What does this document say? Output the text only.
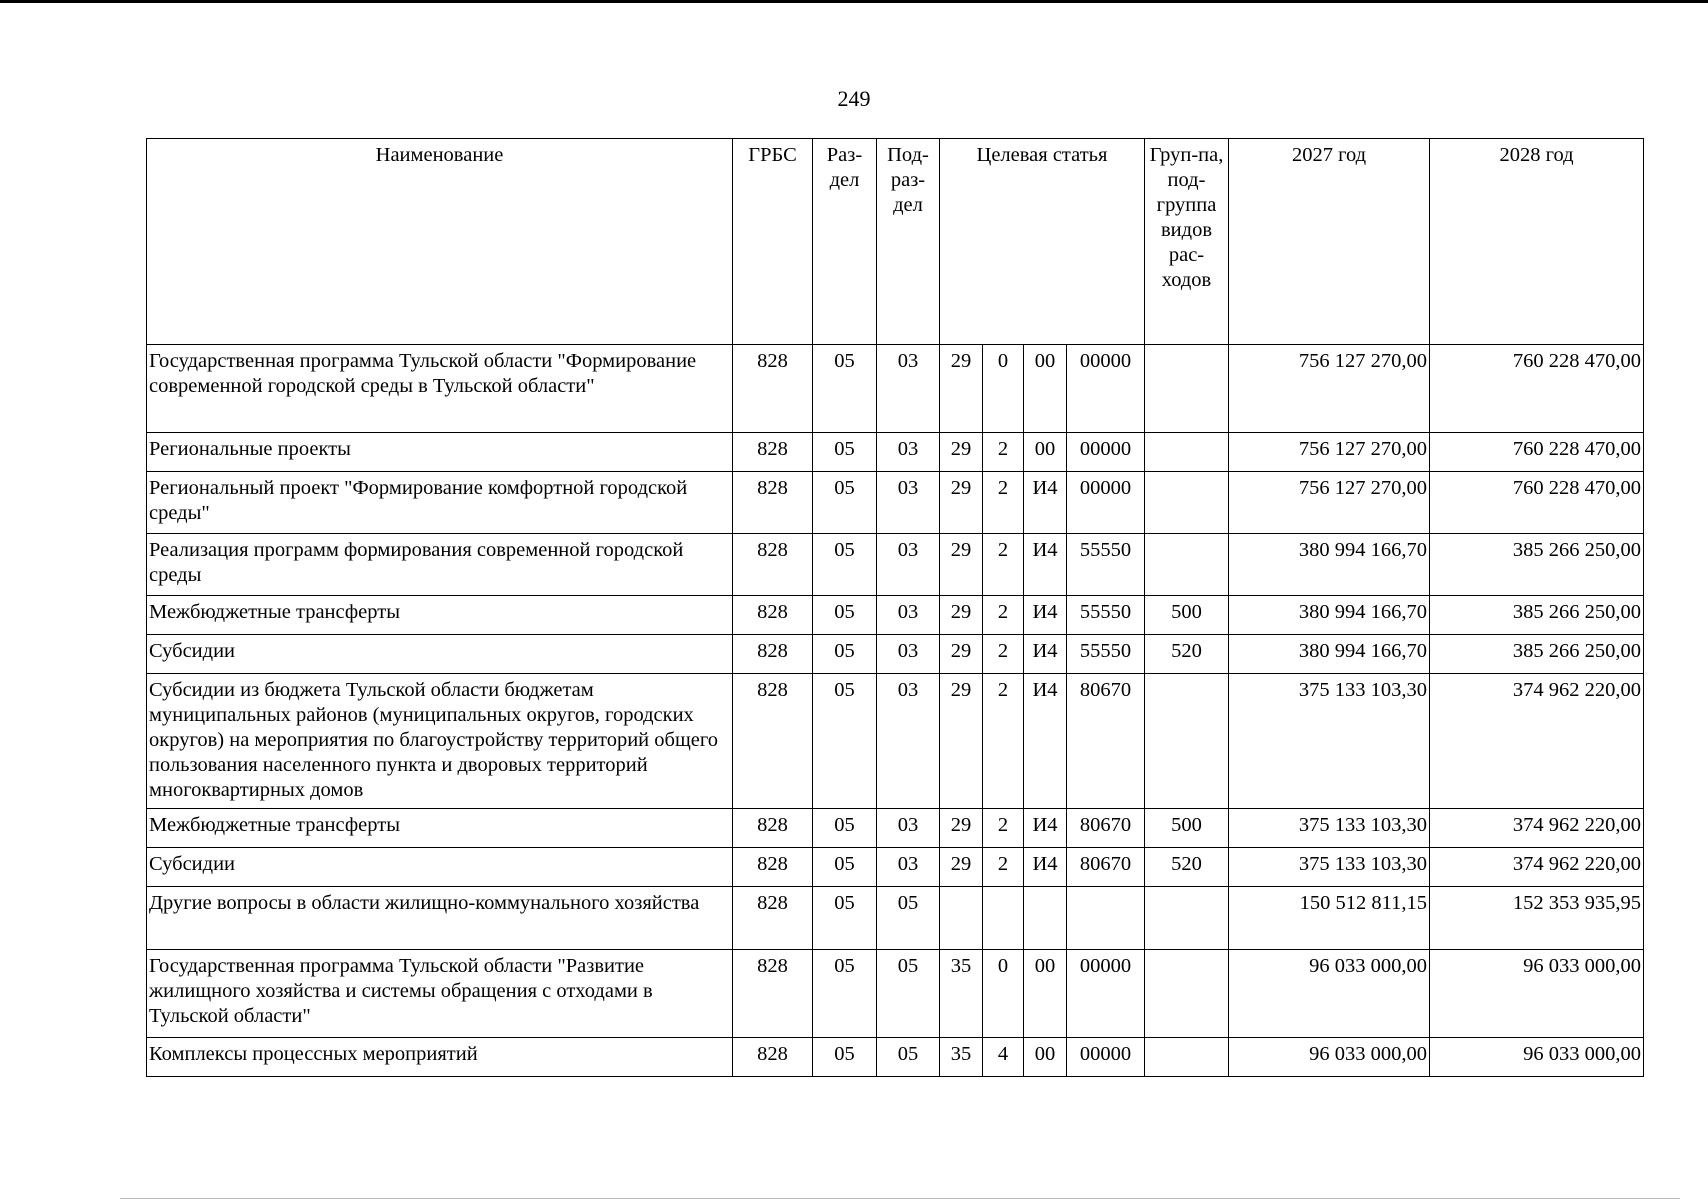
249
Наименование	ГРБС	Раз-дел	Под-раз-дел	Целевая статья				Груп-па, под-группа видов рас-ходов	2027 год	2028 год
Государственная программа Тульской области "Формирование современной городской среды в Тульской области"	828	05	03	29	0	00	00000		756 127 270,00	760 228 470,00
Региональные проекты	828	05	03	29	2	00	00000		756 127 270,00	760 228 470,00
Региональный проект "Формирование комфортной городской среды"	828	05	03	29	2	И4	00000		756 127 270,00	760 228 470,00
Реализация программ формирования современной городской среды	828	05	03	29	2	И4	55550		380 994 166,70	385 266 250,00
Межбюджетные трансферты	828	05	03	29	2	И4	55550	500	380 994 166,70	385 266 250,00
Субсидии	828	05	03	29	2	И4	55550	520	380 994 166,70	385 266 250,00
Субсидии из бюджета Тульской области бюджетам муниципальных районов (муниципальных округов, городских округов) на мероприятия по благоустройству территорий общего пользования населенного пункта и дворовых территорий многоквартирных домов	828	05	03	29	2	И4	80670		375 133 103,30	374 962 220,00
Межбюджетные трансферты	828	05	03	29	2	И4	80670	500	375 133 103,30	374 962 220,00
Субсидии	828	05	03	29	2	И4	80670	520	375 133 103,30	374 962 220,00
Другие вопросы в области жилищно-коммунального хозяйства	828	05	05						150 512 811,15	152 353 935,95
Государственная программа Тульской области "Развитие жилищного хозяйства и системы обращения с отходами в Тульской области"	828	05	05	35	0	00	00000		96 033 000,00	96 033 000,00
Комплексы процессных мероприятий	828	05	05	35	4	00	00000		96 033 000,00	96 033 000,00
